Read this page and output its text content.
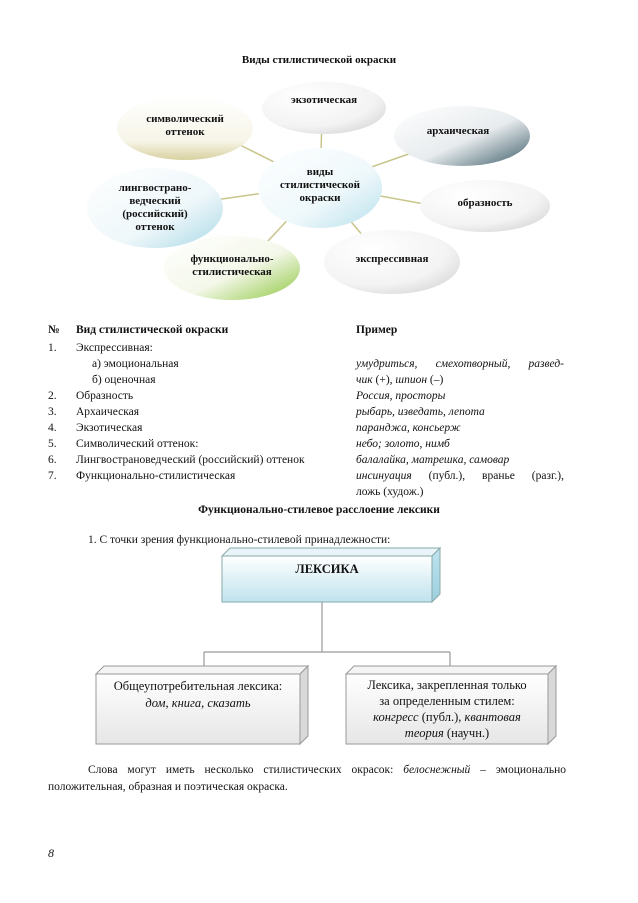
Виды стилистической окраски
экзотическая
символический оттенок	архаическая
лингвострано-ведческий (российский) оттенок
образность
функционально-стилистическая
экспрессивная
виды стилистической окраски
№ Вид стилистической окраски	Пример
1. Экспрессивная:
а) эмоциональная
б) оценочная
2. Образность
3. Архаическая
4. Экзотическая
5. Символический оттенок:
6. Лингвострановедческий (российский) оттенок
7. Функционально-стилистическая
умудриться, смехотворный, развед-
чик (+), шпион (–)
Россия, просторы
рыбарь, изведать, лепота
паранджа, консьерж
небо; золото, нимб
балалайка, матрешка, самовар
инсинуация (публ.), вранье (разг.),
ложь (худож.)
Функционально-стилевое расслоение лексики
1. С точки зрения функционально-стилевой принадлежности:
ЛЕКСИКА
Общеупотребительная лексика:
дом, книга, сказать
Лексика, закрепленная только
за определенным стилем:
конгресс (публ.), квантовая
теория (научн.)
Слова могут иметь несколько стилистических окрасок: белоснежный – эмоционально
положительная, образная и поэтическая окраска.
8
